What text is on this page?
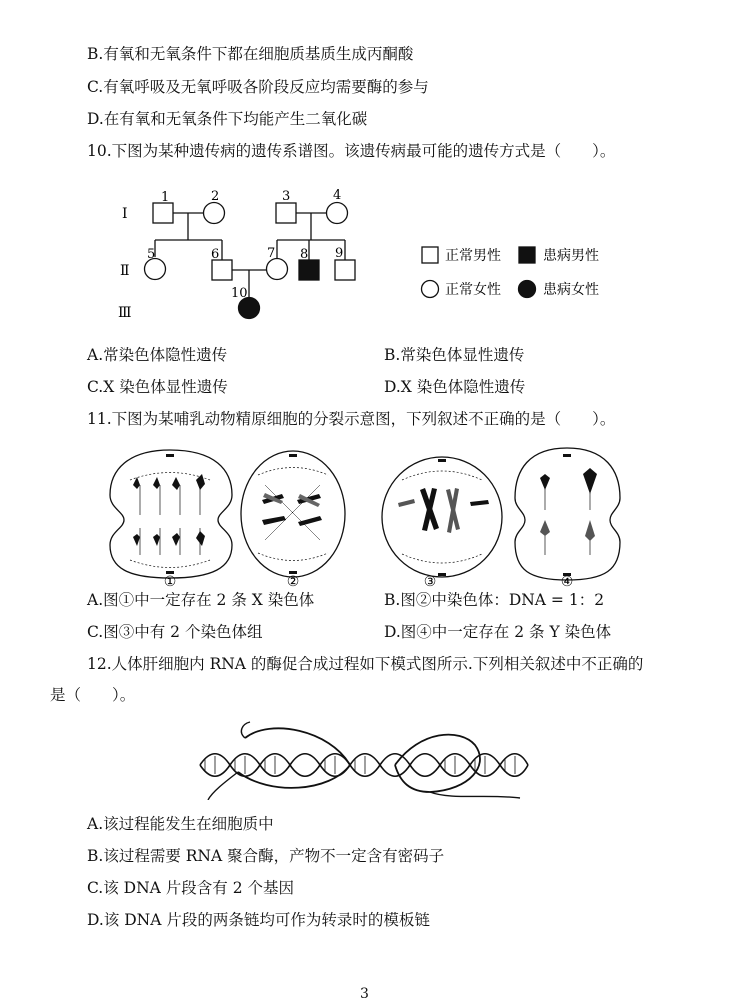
B.有氧和无氧条件下都在细胞质基质生成丙酮酸
C.有氧呼吸及无氧呼吸各阶段反应均需要酶的参与
D.在有氧和无氧条件下均能产生二氧化碳
10.下图为某种遗传病的遗传系谱图。该遗传病最可能的遗传方式是（　　）。
1	2	3	4
5	6	7 8 9
10
I
Ⅱ
Ⅲ
正常男性	患病男性
正常女性	患病女性
A.常染色体隐性遗传	B.常染色体显性遗传
C.X 染色体显性遗传	D.X 染色体隐性遗传
11.下图为某哺乳动物精原细胞的分裂示意图，下列叙述不正确的是（　　）。
①	②	③	④
A.图①中一定存在 2 条 X 染色体	B.图②中染色体：DNA = 1：2
C.图③中有 2 个染色体组	D.图④中一定存在 2 条 Y 染色体
12.人体肝细胞内 RNA 的酶促合成过程如下模式图所示.下列相关叙述中不正确的
是（　　）。
A.该过程能发生在细胞质中
B.该过程需要 RNA 聚合酶，产物不一定含有密码子
C.该 DNA 片段含有 2 个基因
D.该 DNA 片段的两条链均可作为转录时的模板链
3
